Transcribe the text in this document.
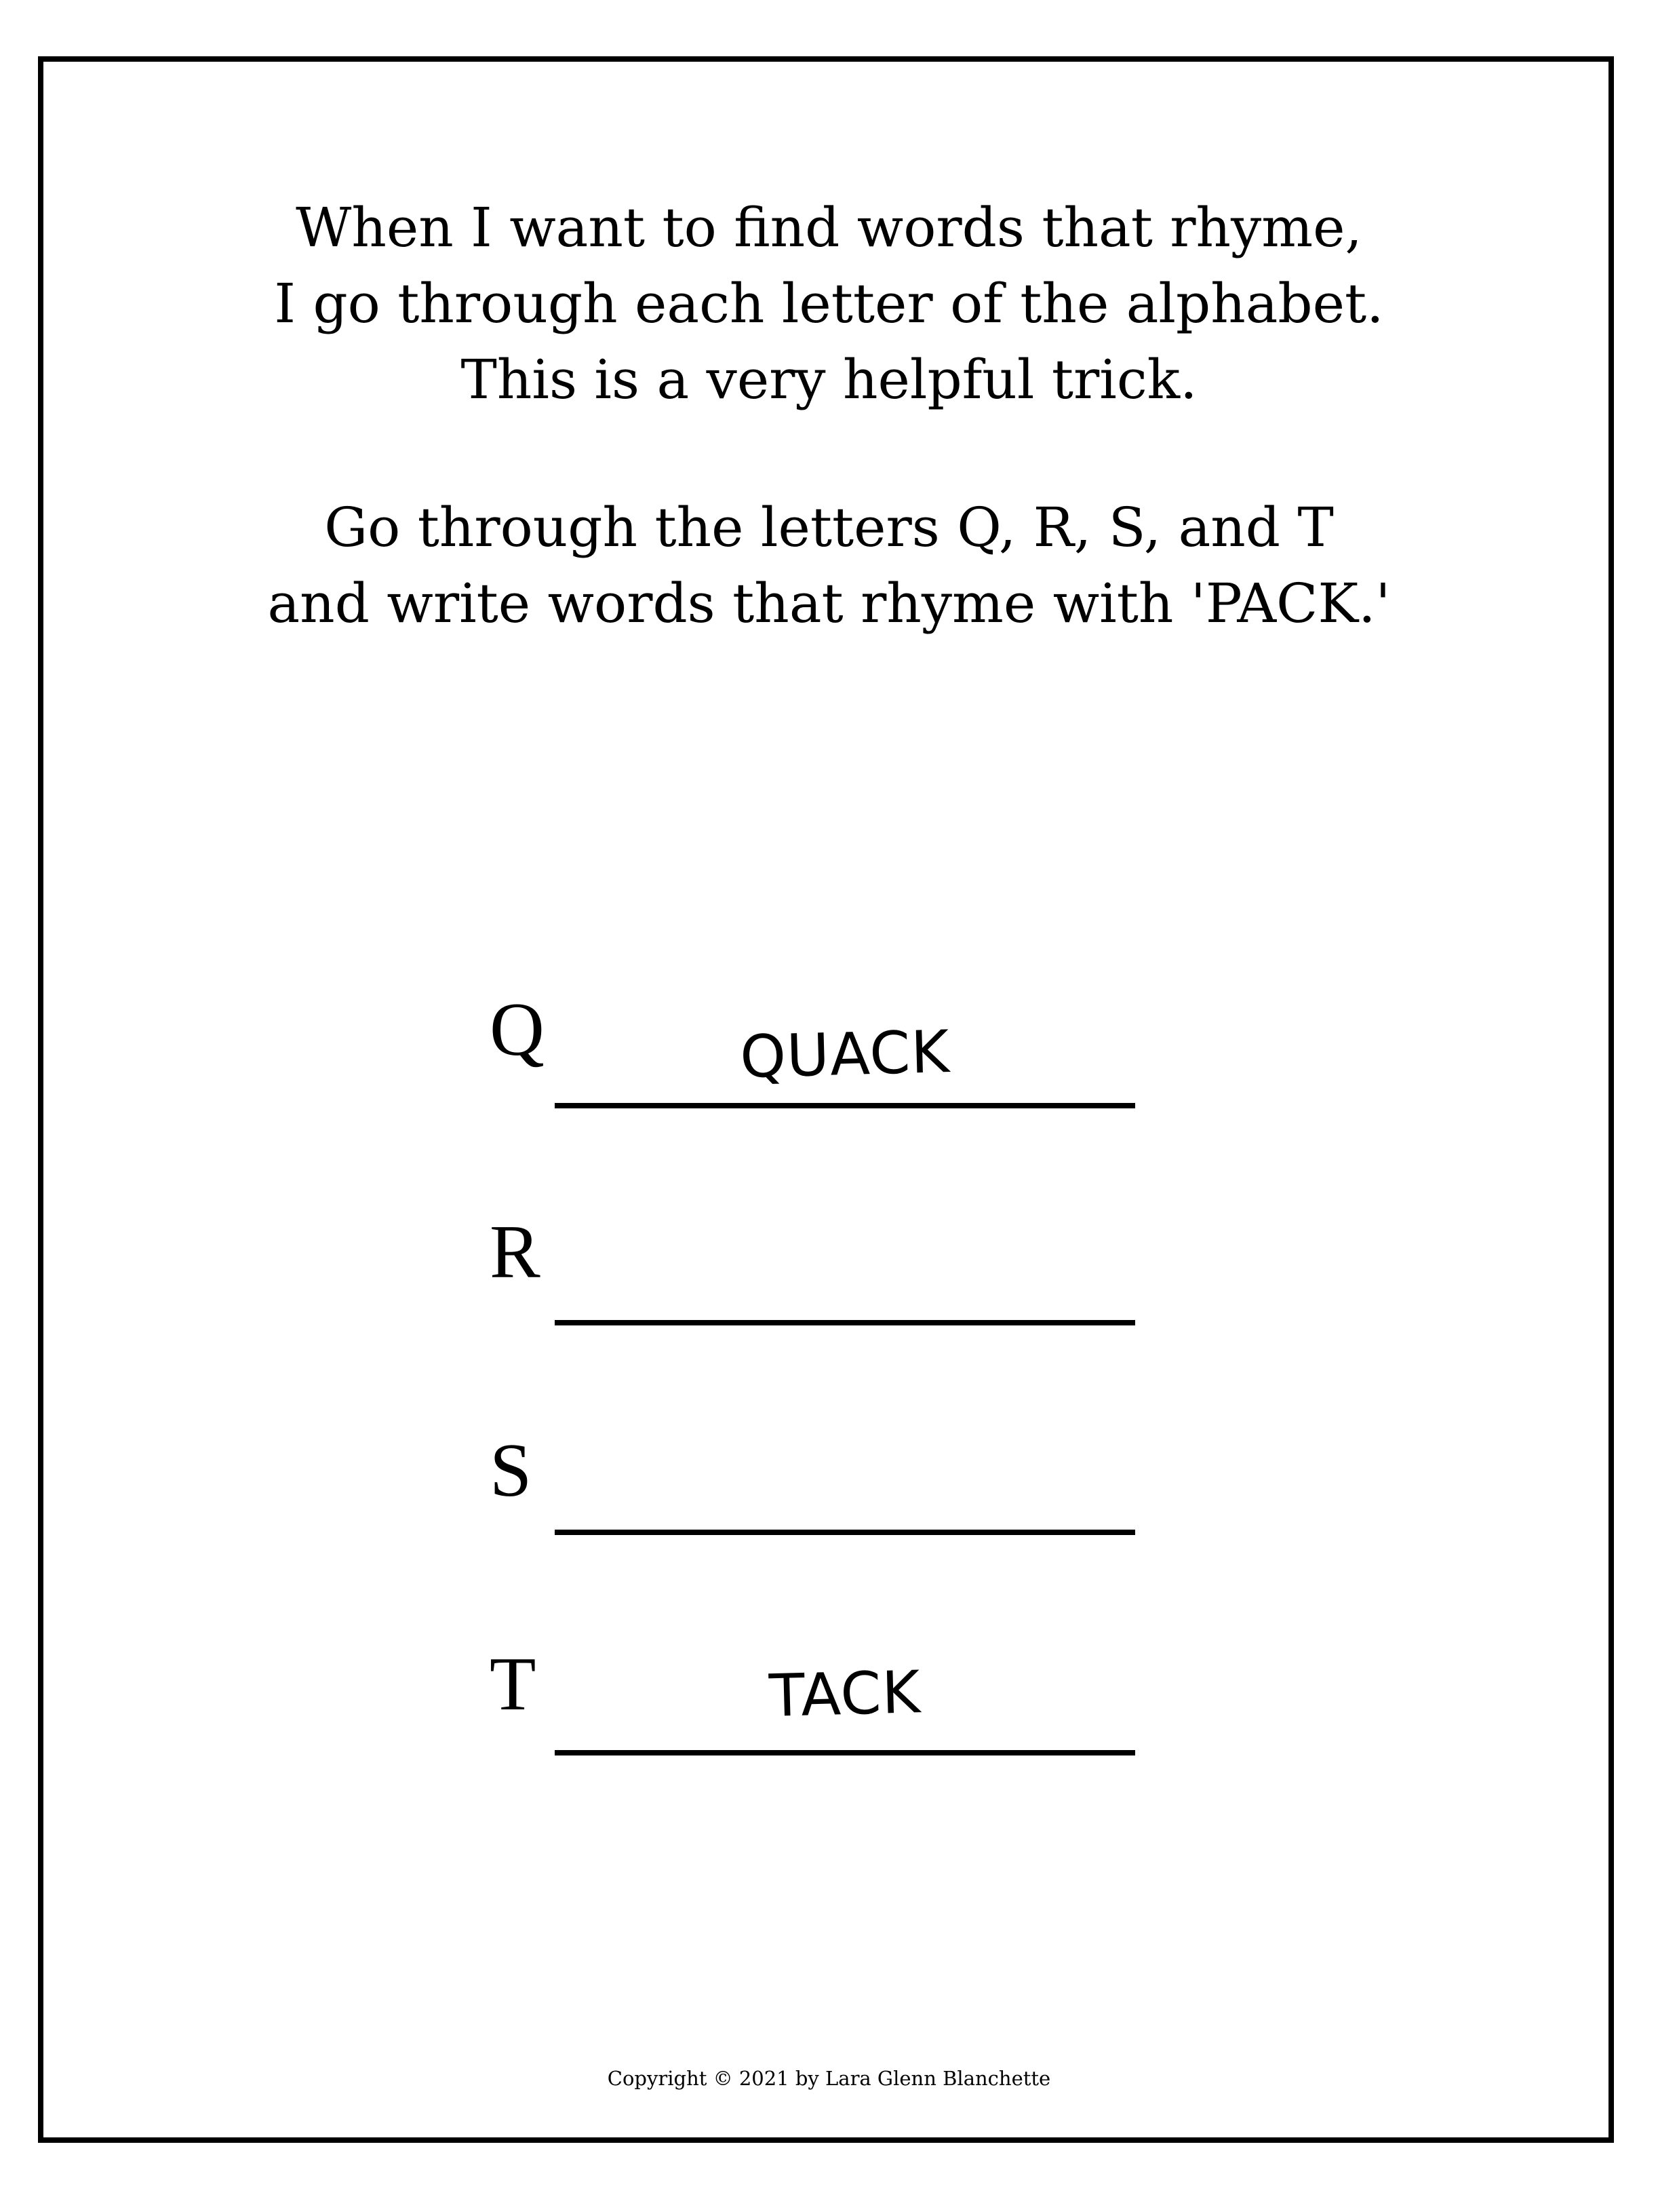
When I want to find words that rhyme,
I go through each letter of the alphabet.
This is a very helpful trick.
Go through the letters Q, R, S, and T
and write words that rhyme with 'PACK.'
Q	QUACK
R
S
T	TACK
Copyright © 2021 by Lara Glenn Blanchette
